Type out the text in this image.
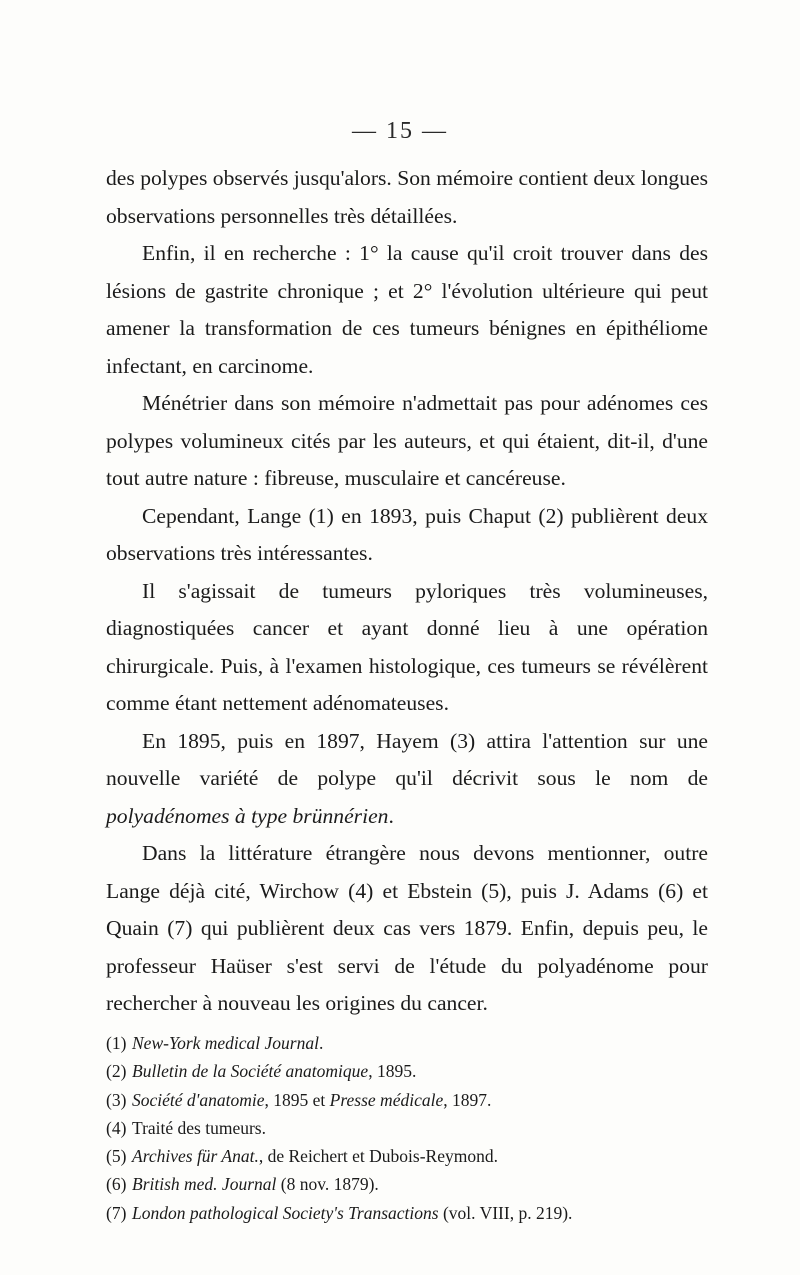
— 15 —

des polypes observés jusqu'alors. Son mémoire contient deux longues observations personnelles très détaillées.

Enfin, il en recherche : 1° la cause qu'il croit trouver dans des lésions de gastrite chronique ; et 2° l'évolution ultérieure qui peut amener la transformation de ces tumeurs bénignes en épithéliome infectant, en carcinome.

Ménétrier dans son mémoire n'admettait pas pour adénomes ces polypes volumineux cités par les auteurs, et qui étaient, dit-il, d'une tout autre nature : fibreuse, musculaire et cancéreuse.

Cependant, Lange (1) en 1893, puis Chaput (2) publièrent deux observations très intéressantes.

Il s'agissait de tumeurs pyloriques très volumineuses, diagnostiquées cancer et ayant donné lieu à une opération chirurgicale. Puis, à l'examen histologique, ces tumeurs se révélèrent comme étant nettement adénomateuses.

En 1895, puis en 1897, Hayem (3) attira l'attention sur une nouvelle variété de polype qu'il décrivit sous le nom de polyadénomes à type brünnérien.

Dans la littérature étrangère nous devons mentionner, outre Lange déjà cité, Wirchow (4) et Ebstein (5), puis J. Adams (6) et Quain (7) qui publièrent deux cas vers 1879. Enfin, depuis peu, le professeur Haüser s'est servi de l'étude du polyadénome pour rechercher à nouveau les origines du cancer.

(1) New-York medical Journal.
(2) Bulletin de la Société anatomique, 1895.
(3) Société d'anatomie, 1895 et Presse médicale, 1897.
(4) Traité des tumeurs.
(5) Archives für Anat., de Reichert et Dubois-Reymond.
(6) British med. Journal (8 nov. 1879).
(7) London pathological Society's Transactions (vol. VIII, p. 219).
